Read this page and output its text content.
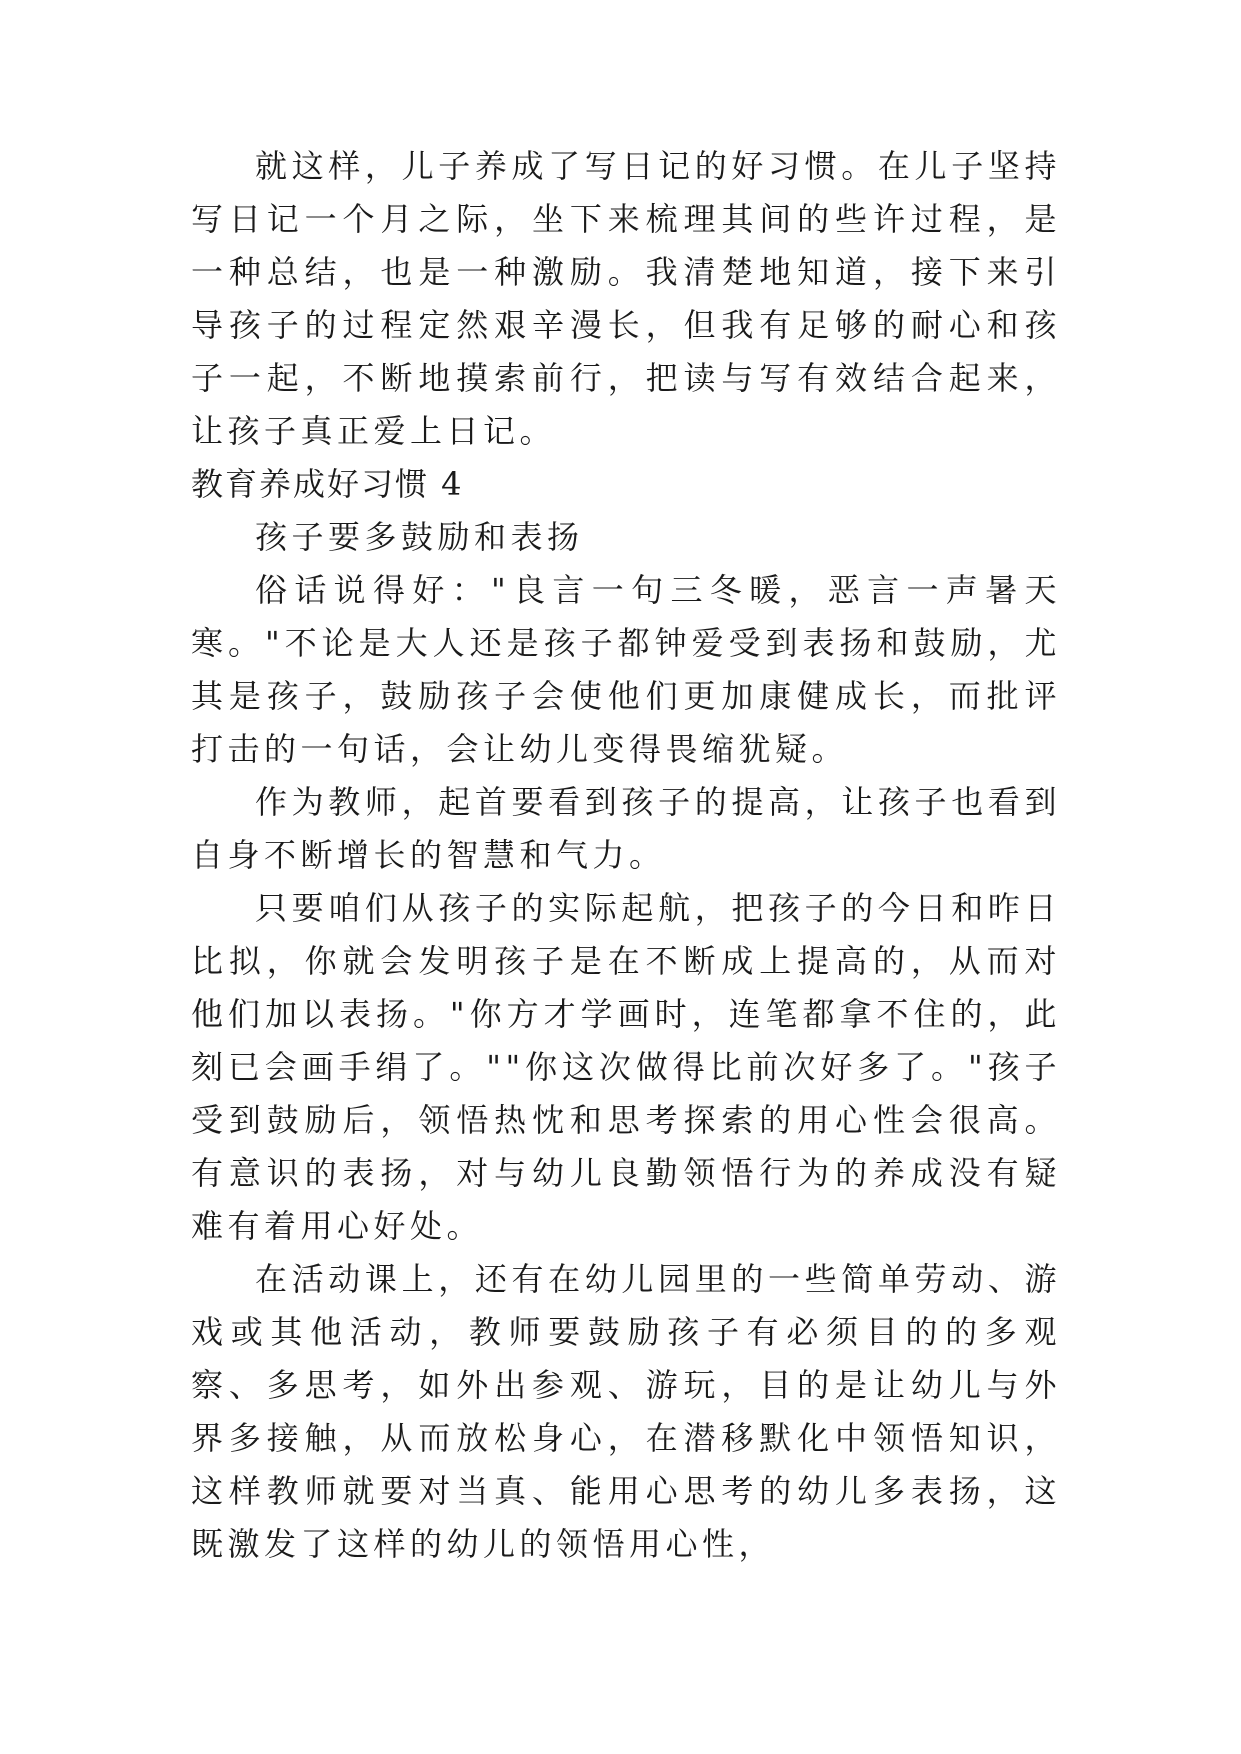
就这样，儿子养成了写日记的好习惯。在儿子坚持写日记一个月之际，坐下来梳理其间的些许过程，是一种总结，也是一种激励。我清楚地知道，接下来引导孩子的过程定然艰辛漫长，但我有足够的耐心和孩子一起，不断地摸索前行，把读与写有效结合起来，让孩子真正爱上日记。

教育养成好习惯 4

孩子要多鼓励和表扬

俗话说得好："良言一句三冬暖，恶言一声暑天寒。"不论是大人还是孩子都钟爱受到表扬和鼓励，尤其是孩子，鼓励孩子会使他们更加康健成长，而批评打击的一句话，会让幼儿变得畏缩犹疑。

作为教师，起首要看到孩子的提高，让孩子也看到自身不断增长的智慧和气力。

只要咱们从孩子的实际起航，把孩子的今日和昨日比拟，你就会发明孩子是在不断成上提高的，从而对他们加以表扬。"你方才学画时，连笔都拿不住的，此刻已会画手绢了。""你这次做得比前次好多了。"孩子受到鼓励后，领悟热忱和思考探索的用心性会很高。有意识的表扬，对与幼儿良勤领悟行为的养成没有疑难有着用心好处。

在活动课上，还有在幼儿园里的一些简单劳动、游戏或其他活动，教师要鼓励孩子有必须目的的多观察、多思考，如外出参观、游玩，目的是让幼儿与外界多接触，从而放松身心，在潜移默化中领悟知识，这样教师就要对当真、能用心思考的幼儿多表扬，这既激发了这样的幼儿的领悟用心性，
